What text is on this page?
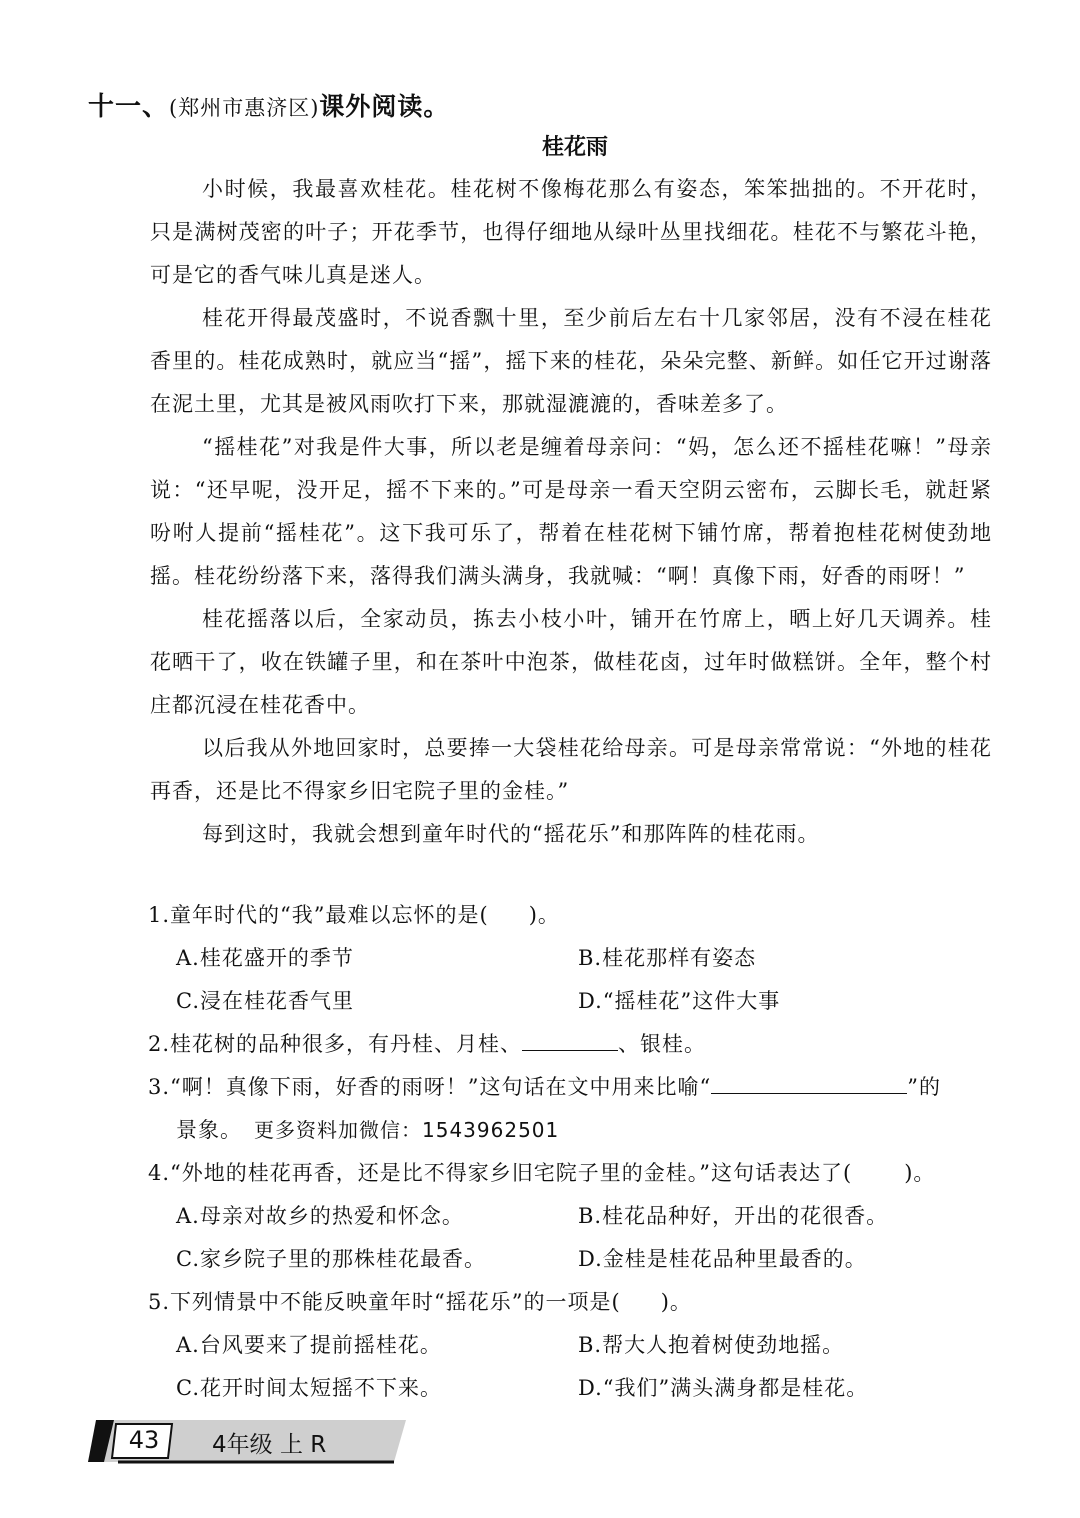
十一、(郑州市惠济区)课外阅读。
桂花雨

小时候，我最喜欢桂花。桂花树不像梅花那么有姿态，笨笨拙拙的。不开花时，只是满树茂密的叶子；开花季节，也得仔细地从绿叶丛里找细花。桂花不与繁花斗艳，可是它的香气味儿真是迷人。

桂花开得最茂盛时，不说香飘十里，至少前后左右十几家邻居，没有不浸在桂花香里的。桂花成熟时，就应当“摇”，摇下来的桂花，朵朵完整、新鲜。如任它开过谢落在泥土里，尤其是被风雨吹打下来，那就湿漉漉的，香味差多了。

“摇桂花”对我是件大事，所以老是缠着母亲问：“妈，怎么还不摇桂花嘛！”母亲说：“还早呢，没开足，摇不下来的。”可是母亲一看天空阴云密布，云脚长毛，就赶紧吩咐人提前“摇桂花”。这下我可乐了，帮着在桂花树下铺竹席，帮着抱桂花树使劲地摇。桂花纷纷落下来，落得我们满头满身，我就喊：“啊！真像下雨，好香的雨呀！”

桂花摇落以后，全家动员，拣去小枝小叶，铺开在竹席上，晒上好几天调养。桂花晒干了，收在铁罐子里，和在茶叶中泡茶，做桂花卤，过年时做糕饼。全年，整个村庄都沉浸在桂花香中。

以后我从外地回家时，总要捧一大袋桂花给母亲。可是母亲常常说：“外地的桂花再香，还是比不得家乡旧宅院子里的金桂。”

每到这时，我就会想到童年时代的“摇花乐”和那阵阵的桂花雨。

1.童年时代的“我”最难以忘怀的是( )。
A.桂花盛开的季节	B.桂花那样有姿态
C.浸在桂花香气里	D.“摇桂花”这件大事
2.桂花树的品种很多，有丹桂、月桂、	、银桂。
3.“啊！真像下雨，好香的雨呀！”这句话在文中用来比喻“	”的
景象。 更多资料加微信：1543962501
4.“外地的桂花再香，还是比不得家乡旧宅院子里的金桂。”这句话表达了( )。
A.母亲对故乡的热爱和怀念。	B.桂花品种好，开出的花很香。
C.家乡院子里的那株桂花最香。	D.金桂是桂花品种里最香的。
5.下列情景中不能反映童年时“摇花乐”的一项是( )。
A.台风要来了提前摇桂花。	B.帮大人抱着树使劲地摇。
C.花开时间太短摇不下来。	D.“我们”满头满身都是桂花。
43 4年级 上 R
